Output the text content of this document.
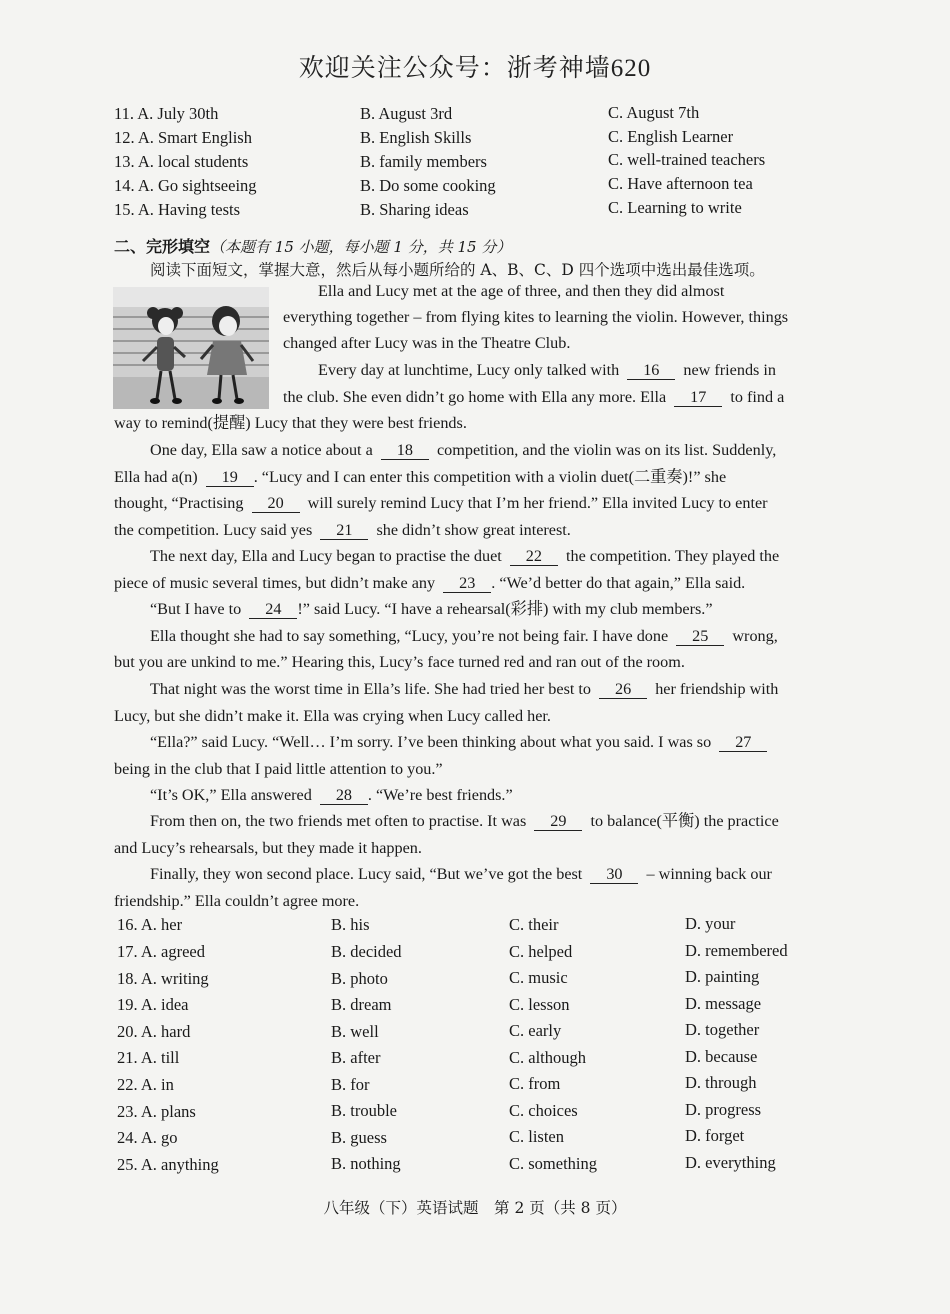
欢迎关注公众号：浙考神墙620
11. A. July 30th	B. August 3rd	C. August 7th
12. A. Smart English	B. English Skills	C. English Learner
13. A. local students	B. family members	C. well-trained teachers
14. A. Go sightseeing	B. Do some cooking	C. Have afternoon tea
15. A. Having tests	B. Sharing ideas	C. Learning to write
二、完形填空（本题有 15 小题，每小题 1 分，共 15 分）
阅读下面短文，掌握大意，然后从每小题所给的 A、B、C、D 四个选项中选出最佳选项。
Ella and Lucy met at the age of three, and then they did almost
everything together – from flying kites to learning the violin. However, things
changed after Lucy was in the Theatre Club.
Every day at lunchtime, Lucy only talked with 16 new friends in
the club. She even didn’t go home with Ella any more. Ella 17 to find a
way to remind(提醒) Lucy that they were best friends.
One day, Ella saw a notice about a 18 competition, and the violin was on its list. Suddenly,
Ella had a(n) 19 . “Lucy and I can enter this competition with a violin duet(二重奏)!” she
thought, “Practising 20 will surely remind Lucy that I’m her friend.” Ella invited Lucy to enter
the competition. Lucy said yes 21 she didn’t show great interest.
The next day, Ella and Lucy began to practise the duet 22 the competition. They played the
piece of music several times, but didn’t make any 23 . “We’d better do that again,” Ella said.
“But I have to 24 !” said Lucy. “I have a rehearsal(彩排) with my club members.”
Ella thought she had to say something, “Lucy, you’re not being fair. I have done 25 wrong,
but you are unkind to me.” Hearing this, Lucy’s face turned red and ran out of the room.
That night was the worst time in Ella’s life. She had tried her best to 26 her friendship with
Lucy, but she didn’t make it. Ella was crying when Lucy called her.
“Ella?” said Lucy. “Well… I’m sorry. I’ve been thinking about what you said. I was so 27
being in the club that I paid little attention to you.”
“It’s OK,” Ella answered 28 . “We’re best friends.”
From then on, the two friends met often to practise. It was 29 to balance(平衡) the practice
and Lucy’s rehearsals, but they made it happen.
Finally, they won second place. Lucy said, “But we’ve got the best 30 – winning back our
friendship.” Ella couldn’t agree more.
16. A. her	B. his	C. their	D. your
17. A. agreed	B. decided	C. helped	D. remembered
18. A. writing	B. photo	C. music	D. painting
19. A. idea	B. dream	C. lesson	D. message
20. A. hard	B. well	C. early	D. together
21. A. till	B. after	C. although	D. because
22. A. in	B. for	C. from	D. through
23. A. plans	B. trouble	C. choices	D. progress
24. A. go	B. guess	C. listen	D. forget
25. A. anything	B. nothing	C. something	D. everything
八年级（下）英语试题　第 2 页（共 8 页）
